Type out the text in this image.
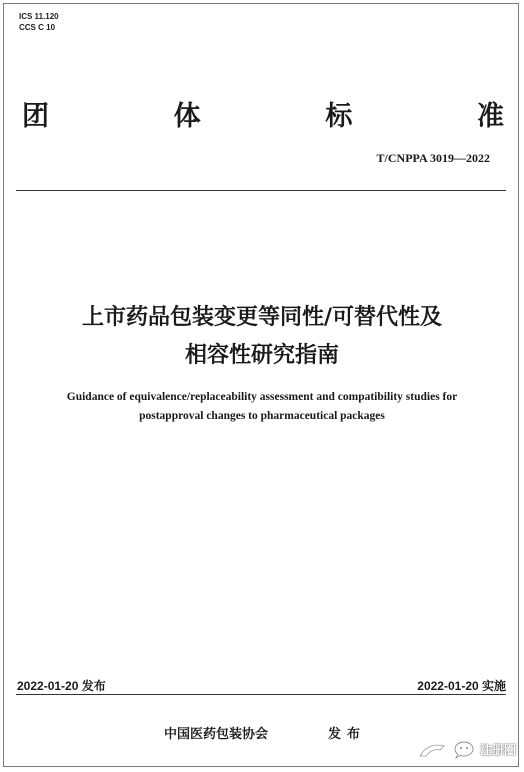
ICS 11.120
CCS C 10
团	体	标	准
T/CNPPA 3019—2022
上市药品包装变更等同性/可替代性及
相容性研究指南
Guidance of equivalence/replaceability assessment and compatibility studies for
postapproval changes to pharmaceutical packages
2022-01-20 发布	2022-01-20 实施
中国医药包装协会	发布
注册圈
